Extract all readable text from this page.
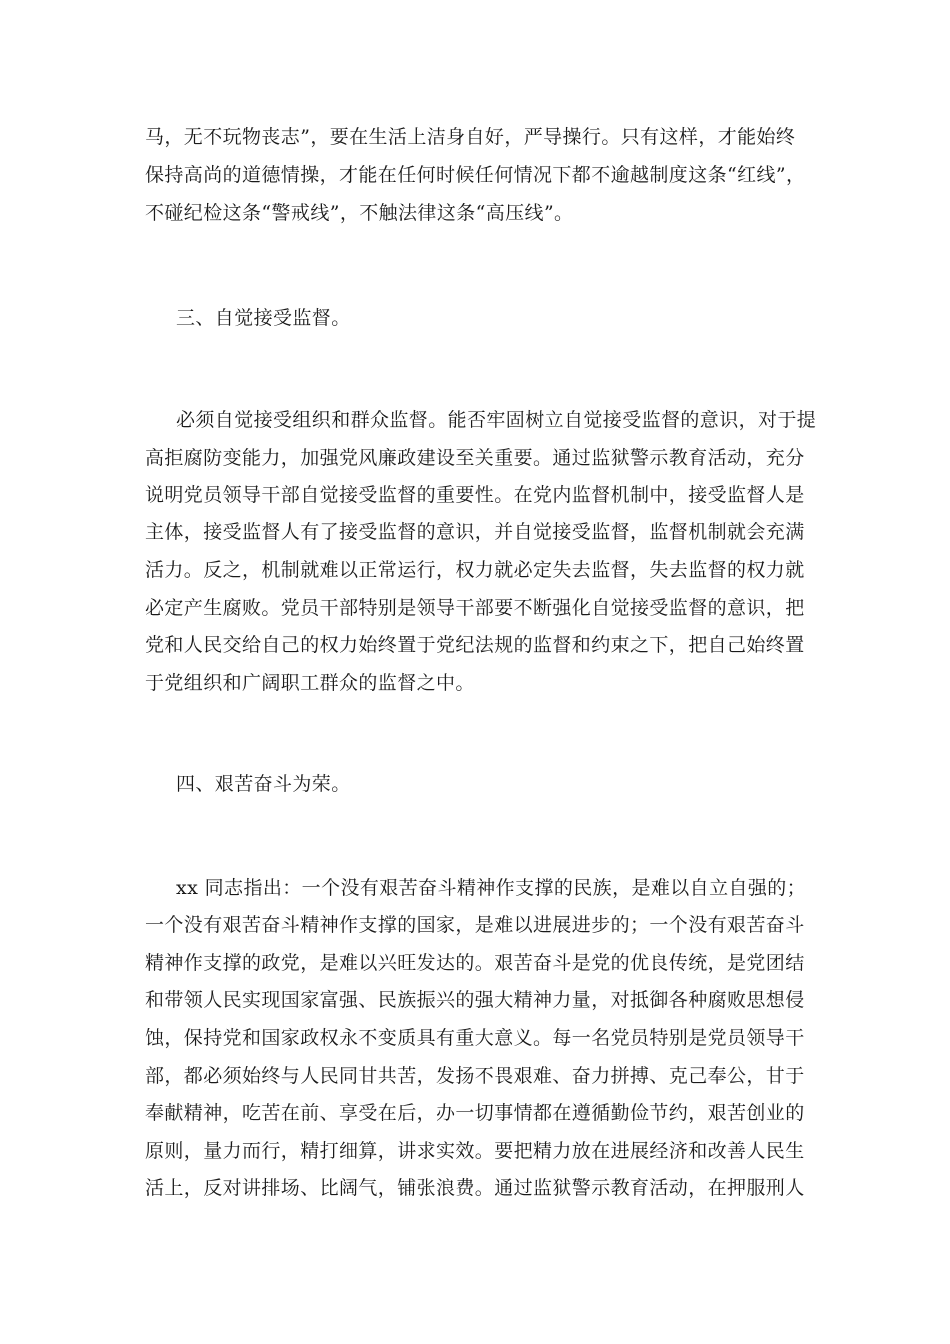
马，无不玩物丧志”，要在生活上洁身自好，严导操行。只有这样，才能始终
保持高尚的道德情操，才能在任何时候任何情况下都不逾越制度这条“红线”，
不碰纪检这条“警戒线”，不触法律这条“高压线”。
三、自觉接受监督。
必须自觉接受组织和群众监督。能否牢固树立自觉接受监督的意识，对于提
高拒腐防变能力，加强党风廉政建设至关重要。通过监狱警示教育活动，充分
说明党员领导干部自觉接受监督的重要性。在党内监督机制中，接受监督人是
主体，接受监督人有了接受监督的意识，并自觉接受监督，监督机制就会充满
活力。反之，机制就难以正常运行，权力就必定失去监督，失去监督的权力就
必定产生腐败。党员干部特别是领导干部要不断强化自觉接受监督的意识，把
党和人民交给自己的权力始终置于党纪法规的监督和约束之下，把自己始终置
于党组织和广阔职工群众的监督之中。
四、艰苦奋斗为荣。
xx 同志指出：一个没有艰苦奋斗精神作支撑的民族，是难以自立自强的；
一个没有艰苦奋斗精神作支撑的国家，是难以进展进步的；一个没有艰苦奋斗
精神作支撑的政党，是难以兴旺发达的。艰苦奋斗是党的优良传统，是党团结
和带领人民实现国家富强、民族振兴的强大精神力量，对抵御各种腐败思想侵
蚀，保持党和国家政权永不变质具有重大意义。每一名党员特别是党员领导干
部，都必须始终与人民同甘共苦，发扬不畏艰难、奋力拼搏、克己奉公，甘于
奉献精神，吃苦在前、享受在后，办一切事情都在遵循勤俭节约，艰苦创业的
原则，量力而行，精打细算，讲求实效。要把精力放在进展经济和改善人民生
活上，反对讲排场、比阔气，铺张浪费。通过监狱警示教育活动，在押服刑人
